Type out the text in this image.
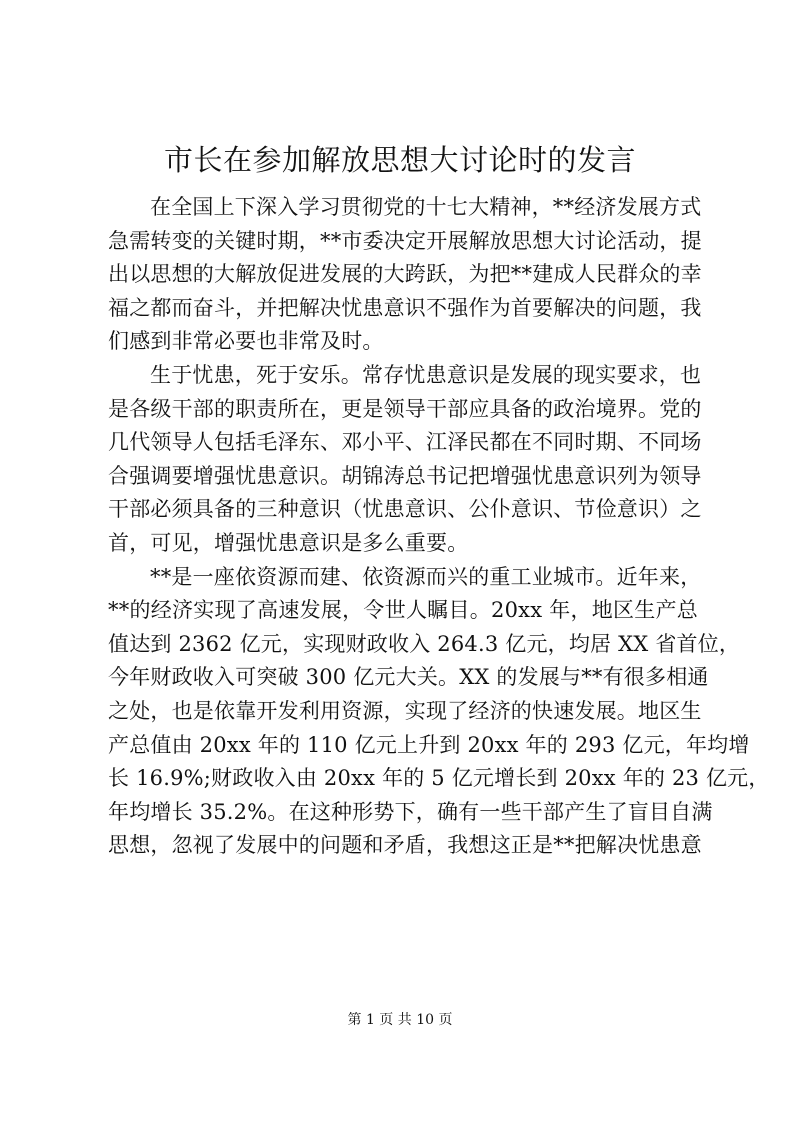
市长在参加解放思想大讨论时的发言
在全国上下深入学习贯彻党的十七大精神，**经济发展方式
急需转变的关键时期，**市委决定开展解放思想大讨论活动，提
出以思想的大解放促进发展的大跨跃，为把**建成人民群众的幸
福之都而奋斗，并把解决忧患意识不强作为首要解决的问题，我
们感到非常必要也非常及时。
生于忧患，死于安乐。常存忧患意识是发展的现实要求，也
是各级干部的职责所在，更是领导干部应具备的政治境界。党的
几代领导人包括毛泽东、邓小平、江泽民都在不同时期、不同场
合强调要增强忧患意识。胡锦涛总书记把增强忧患意识列为领导
干部必须具备的三种意识（忧患意识、公仆意识、节俭意识）之
首，可见，增强忧患意识是多么重要。
**是一座依资源而建、依资源而兴的重工业城市。近年来，
**的经济实现了高速发展，令世人瞩目。20xx 年，地区生产总
值达到 2362 亿元，实现财政收入 264.3 亿元，均居 XX 省首位，
今年财政收入可突破 300 亿元大关。XX 的发展与**有很多相通
之处，也是依靠开发利用资源，实现了经济的快速发展。地区生
产总值由 20xx 年的 110 亿元上升到 20xx 年的 293 亿元，年均增
长 16.9%;财政收入由 20xx 年的 5 亿元增长到 20xx 年的 23 亿元，
年均增长 35.2%。在这种形势下，确有一些干部产生了盲目自满
思想，忽视了发展中的问题和矛盾，我想这正是**把解决忧患意
第 1 页 共 10 页
